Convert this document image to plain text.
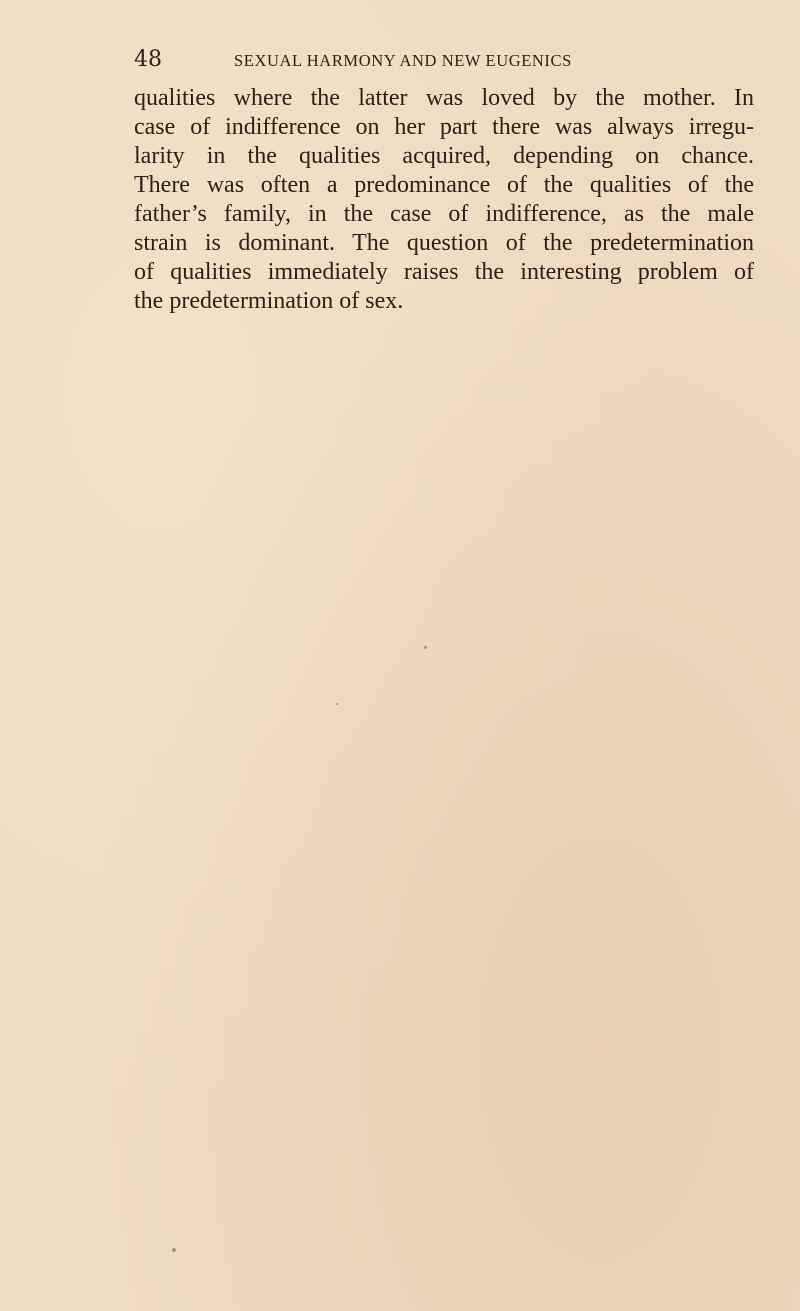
48	SEXUAL HARMONY AND NEW EUGENICS
qualities where the latter was loved by the mother. In
case of indifference on her part there was always irregu-
larity in the qualities acquired, depending on chance.
There was often a predominance of the qualities of the
father’s family, in the case of indifference, as the male
strain is dominant. The question of the predetermination
of qualities immediately raises the interesting problem of
the predetermination of sex.
